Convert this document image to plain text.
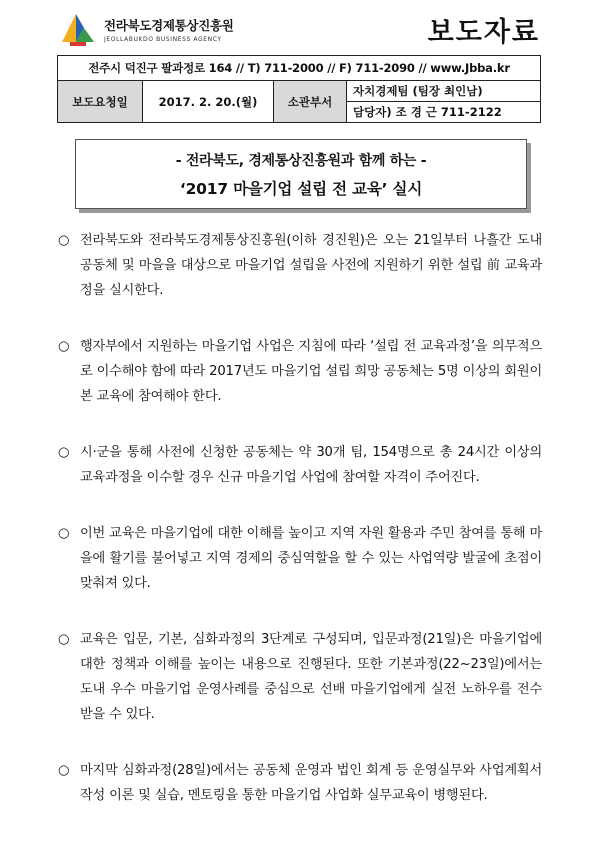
전라북도경제통상진흥원
JEOLLABUKDO BUSINESS AGENCY	보도자료
전주시 덕진구 팔과정로 164 // T) 711-2000 // F) 711-2090 // www.Jbba.kr
보도요청일	2017. 2. 20.(월)	소관부서	자치경제팀 (팀장 최인남)
담당자) 조 경 근 711-2122
- 전라북도, 경제통상진흥원과 함께 하는 -
‘2017 마을기업 설립 전 교육’ 실시
○ 전라북도와 전라북도경제통상진흥원(이하 경진원)은 오는 21일부터 나흘간 도내 공동체 및 마을을 대상으로 마을기업 설립을 사전에 지원하기 위한 설립 前 교육과정을 실시한다.
○ 행자부에서 지원하는 마을기업 사업은 지침에 따라 ‘설립 전 교육과정’을 의무적으로 이수해야 함에 따라 2017년도 마을기업 설립 희망 공동체는 5명 이상의 회원이 본 교육에 참여해야 한다.
○ 시·군을 통해 사전에 신청한 공동체는 약 30개 팀, 154명으로 총 24시간 이상의 교육과정을 이수할 경우 신규 마을기업 사업에 참여할 자격이 주어진다.
○ 이번 교육은 마을기업에 대한 이해를 높이고 지역 자원 활용과 주민 참여를 통해 마을에 활기를 불어넣고 지역 경제의 중심역할을 할 수 있는 사업역량 발굴에 초점이 맞춰져 있다.
○ 교육은 입문, 기본, 심화과정의 3단계로 구성되며, 입문과정(21일)은 마을기업에 대한 정책과 이해를 높이는 내용으로 진행된다. 또한 기본과정(22~23일)에서는 도내 우수 마을기업 운영사례를 중심으로 선배 마을기업에게 실전 노하우를 전수받을 수 있다.
○ 마지막 심화과정(28일)에서는 공동체 운영과 법인 회계 등 운영실무와 사업계획서 작성 이론 및 실습, 멘토링을 통한 마을기업 사업화 실무교육이 병행된다.
